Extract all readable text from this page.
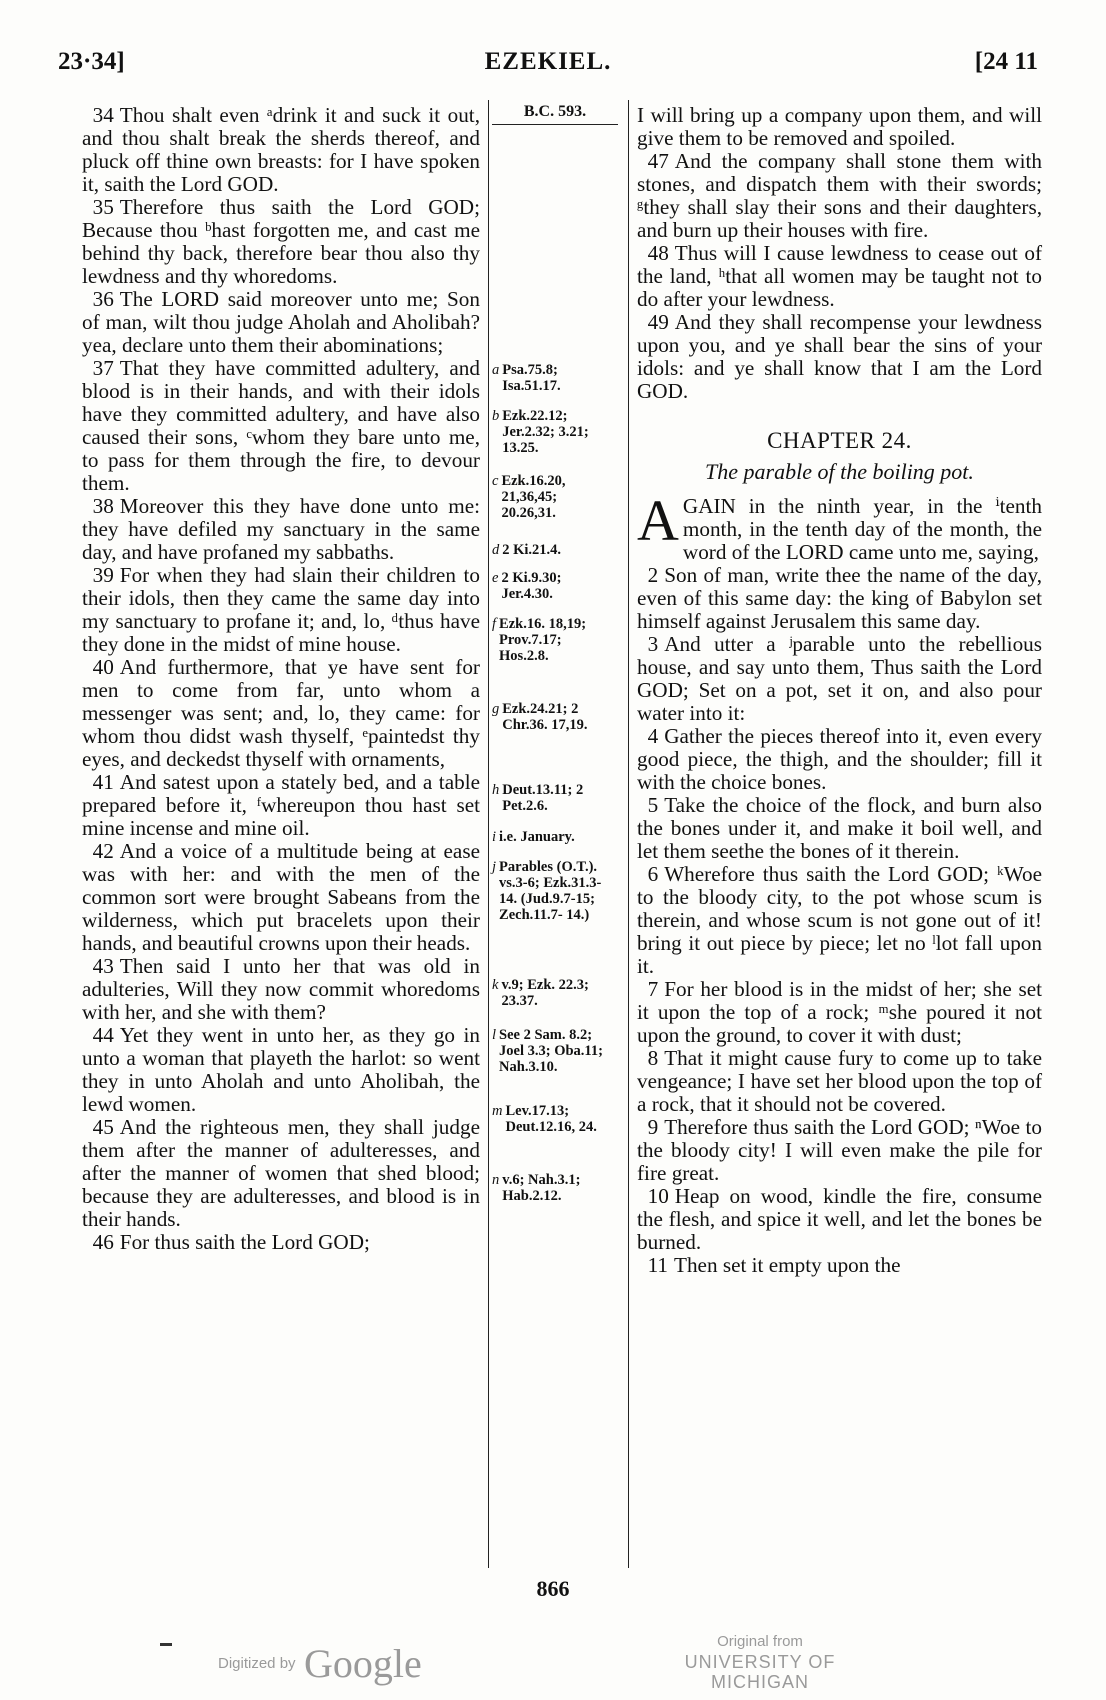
23·34]	EZEKIEL.	[24 11

 34 Thou shalt even ᵃdrink it and suck it out, and thou shalt break the sherds thereof, and pluck off thine own breasts: for I have spoken it, saith the Lord GOD.

 35 Therefore thus saith the Lord GOD; Because thou ᵇhast forgotten me, and cast me behind thy back, therefore bear thou also thy lewdness and thy whoredoms.

 36 The LORD said moreover unto me; Son of man, wilt thou judge Aholah and Aholibah? yea, declare unto them their abominations;

 37 That they have committed adultery, and blood is in their hands, and with their idols have they committed adultery, and have also caused their sons, ᶜwhom they bare unto me, to pass for them through the fire, to devour them.

 38 Moreover this they have done unto me: they have defiled my sanctuary in the same day, and have profaned my sabbaths.

 39 For when they had slain their children to their idols, then they came the same day into my sanctuary to profane it; and, lo, ᵈthus have they done in the midst of mine house.

 40 And furthermore, that ye have sent for men to come from far, unto whom a messenger was sent; and, lo, they came: for whom thou didst wash thyself, ᵉpaintedst thy eyes, and deckedst thyself with ornaments,

 41 And satest upon a stately bed, and a table prepared before it, ᶠwhereupon thou hast set mine incense and mine oil.

 42 And a voice of a multitude being at ease was with her: and with the men of the common sort were brought Sabeans from the wilderness, which put bracelets upon their hands, and beautiful crowns upon their heads.

 43 Then said I unto her that was old in adulteries, Will they now commit whoredoms with her, and she with them?

 44 Yet they went in unto her, as they go in unto a woman that playeth the harlot: so went they in unto Aholah and unto Aholibah, the lewd women.

 45 And the righteous men, they shall judge them after the manner of adulteresses, and after the manner of women that shed blood; because they are adulteresses, and blood is in their hands.

 46 For thus saith the Lord GOD;

B.C. 593.
a Psa.75.8; Isa.51.17.
b Ezk.22.12; Jer.2.32; 3.21; 13.25.
c Ezk.16.20, 21,36,45; 20.26,31.
d 2 Ki.21.4.
e 2 Ki.9.30; Jer.4.30.
f Ezk.16. 18,19; Prov.7.17; Hos.2.8.
g Ezk.24.21; 2 Chr.36. 17,19.
h Deut.13.11; 2 Pet.2.6.
i i.e. January.
j Parables (O.T.). vs.3-6; Ezk.31.3-14. (Jud.9.7-15; Zech.11.7- 14.)
k v.9; Ezk. 22.3; 23.37.
l See 2 Sam. 8.2; Joel 3.3; Oba.11; Nah.3.10.
m Lev.17.13; Deut.12.16, 24.
n v.6; Nah.3.1; Hab.2.12.

I will bring up a company upon them, and will give them to be removed and spoiled.

 47 And the company shall stone them with stones, and dispatch them with their swords; ᵍthey shall slay their sons and their daughters, and burn up their houses with fire.

 48 Thus will I cause lewdness to cease out of the land, ʰthat all women may be taught not to do after your lewdness.

 49 And they shall recompense your lewdness upon you, and ye shall bear the sins of your idols: and ye shall know that I am the Lord GOD.

CHAPTER 24.
The parable of the boiling pot.

AGAIN in the ninth year, in the ⁱtenth month, in the tenth day of the month, the word of the LORD came unto me, saying,

 2 Son of man, write thee the name of the day, even of this same day: the king of Babylon set himself against Jerusalem this same day.

 3 And utter a ʲparable unto the rebellious house, and say unto them, Thus saith the Lord GOD; Set on a pot, set it on, and also pour water into it:

 4 Gather the pieces thereof into it, even every good piece, the thigh, and the shoulder; fill it with the choice bones.

 5 Take the choice of the flock, and burn also the bones under it, and make it boil well, and let them seethe the bones of it therein.

 6 Wherefore thus saith the Lord GOD; ᵏWoe to the bloody city, to the pot whose scum is therein, and whose scum is not gone out of it! bring it out piece by piece; let no ˡlot fall upon it.

 7 For her blood is in the midst of her; she set it upon the top of a rock; ᵐshe poured it not upon the ground, to cover it with dust;

 8 That it might cause fury to come up to take vengeance; I have set her blood upon the top of a rock, that it should not be covered.

 9 Therefore thus saith the Lord GOD; ⁿWoe to the bloody city! I will even make the pile for fire great.

 10 Heap on wood, kindle the fire, consume the flesh, and spice it well, and let the bones be burned.

 11 Then set it empty upon the

866
Digitized by Google	Original from
UNIVERSITY OF MICHIGAN
